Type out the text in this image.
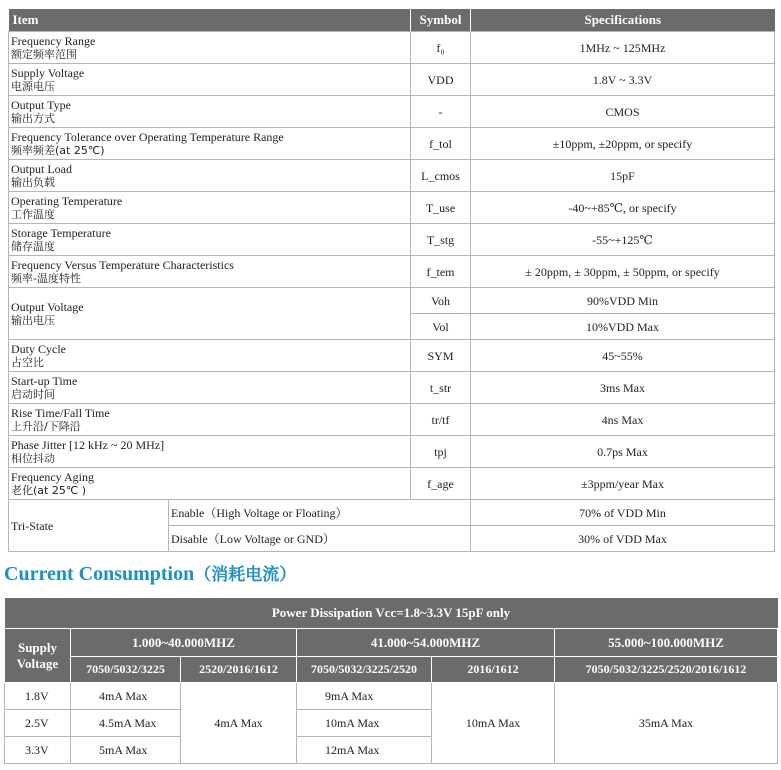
Item		Symbol	Specifications

Frequency Range
额定频率范围		f₀	1MHz ~ 125MHz

Supply Voltage
电源电压		VDD	1.8V ~ 3.3V

Output Type
输出方式		-	CMOS

Frequency Tolerance over Operating Temperature Range
频率频差(at 25℃)		f_tol	±10ppm, ±20ppm, or specify

Output Load
输出负载		L_cmos	15pF

Operating Temperature
工作温度		T_use	-40~+85℃, or specify

Storage Temperature
储存温度		T_stg	-55~+125℃

Frequency Versus Temperature Characteristics
频率-温度特性		f_tem	± 20ppm, ± 30ppm, ± 50ppm, or specify

Output Voltage
输出电压		Voh	90%VDD Min
		Vol	10%VDD Max

Duty Cycle
占空比		SYM	45~55%

Start-up Time
启动时间		t_str	3ms Max

Rise Time/Fall Time
上升沿/下降沿		tr/tf	4ns Max

Phase Jitter [12 kHz ~ 20 MHz]
相位抖动		tpj	0.7ps Max

Frequency Aging
老化(at 25℃ )		f_age	±3ppm/year Max
Tri-State	Enable（High Voltage or Floating）		70% of VDD Min
	Disable（Low Voltage or GND）		30% of VDD Max
Current Consumption（消耗电流）
Power Dissipation Vcc=1.8~3.3V 15pF only					
Supply Voltage	1.000~40.000MHZ		41.000~54.000MHZ		55.000~100.000MHZ
	7050/5032/3225	2520/2016/1612	7050/5032/3225/2520	2016/1612	7050/5032/3225/2520/2016/1612
1.8V	4mA Max	4mA Max	9mA Max	10mA Max	35mA Max
2.5V	4.5mA Max		10mA Max		
3.3V	5mA Max		12mA Max		
